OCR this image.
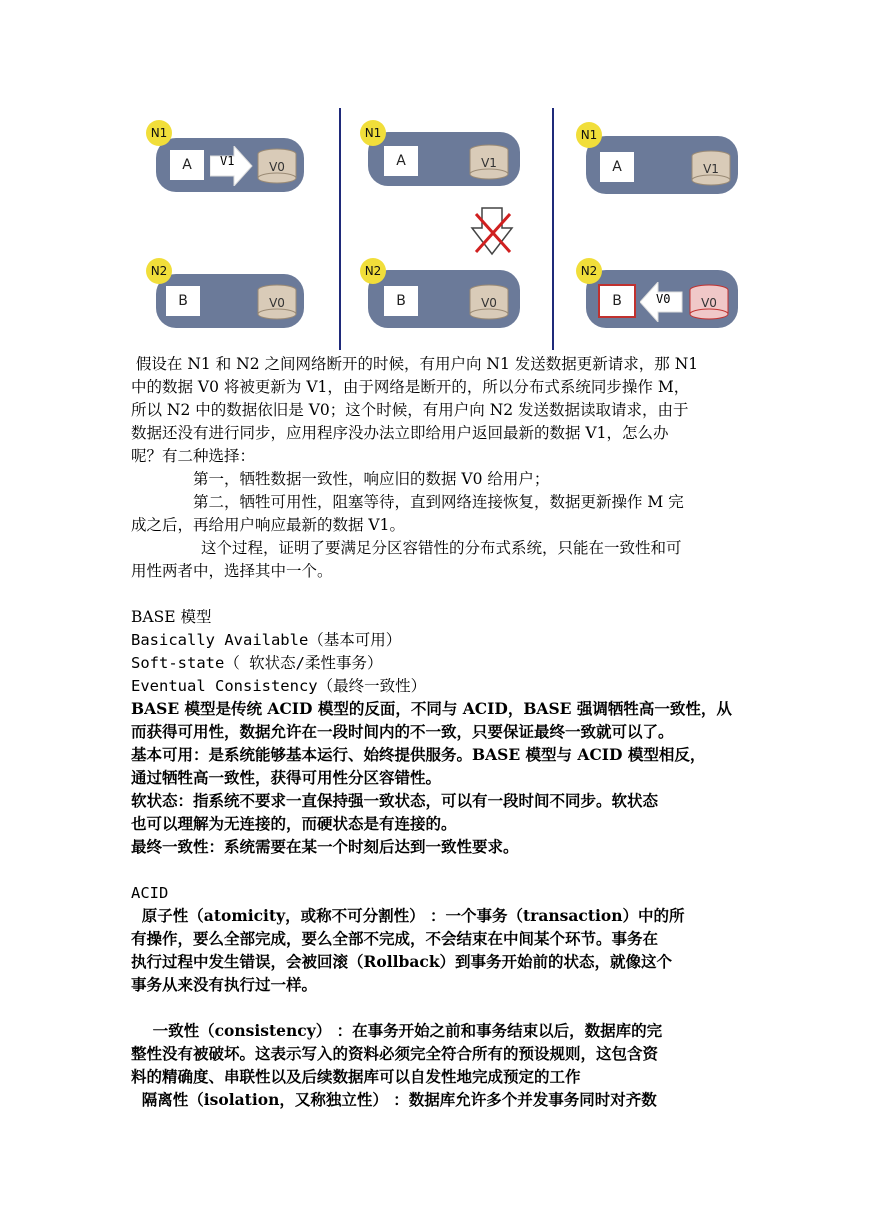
N1
A	V1	V0
N2
B	V0
N1
A	V1
N2
B	V0
N1
A	V1
N2
B	V0	V0
假设在 N1 和 N2 之间网络断开的时候，有用户向 N1 发送数据更新请求，那 N1
中的数据 V0 将被更新为 V1，由于网络是断开的，所以分布式系统同步操作 M，
所以 N2 中的数据依旧是 V0；这个时候，有用户向 N2 发送数据读取请求，由于
数据还没有进行同步，应用程序没办法立即给用户返回最新的数据 V1，怎么办
呢？有二种选择：
第一，牺牲数据一致性，响应旧的数据 V0 给用户；
第二，牺牲可用性，阻塞等待，直到网络连接恢复，数据更新操作 M 完
成之后，再给用户响应最新的数据 V1。
这个过程，证明了要满足分区容错性的分布式系统，只能在一致性和可
用性两者中，选择其中一个。
BASE 模型
Basically Available（基本可用）
Soft-state（ 软状态/柔性事务）
Eventual Consistency（最终一致性）
BASE 模型是传统 ACID 模型的反面，不同与 ACID，BASE 强调牺牲高一致性，从
而获得可用性，数据允许在一段时间内的不一致，只要保证最终一致就可以了。
基本可用：是系统能够基本运行、始终提供服务。BASE 模型与 ACID 模型相反，
通过牺牲高一致性，获得可用性分区容错性。
软状态：指系统不要求一直保持强一致状态，可以有一段时间不同步。软状态
也可以理解为无连接的，而硬状态是有连接的。
最终一致性：系统需要在某一个时刻后达到一致性要求。
ACID
原子性（atomicity，或称不可分割性） ：一个事务（transaction）中的所
有操作，要么全部完成，要么全部不完成，不会结束在中间某个环节。事务在
执行过程中发生错误，会被回滚（Rollback）到事务开始前的状态，就像这个
事务从来没有执行过一样。
一致性（consistency） ：在事务开始之前和事务结束以后，数据库的完
整性没有被破坏。这表示写入的资料必须完全符合所有的预设规则，这包含资
料的精确度、串联性以及后续数据库可以自发性地完成预定的工作
隔离性（isolation，又称独立性） ：数据库允许多个并发事务同时对齐数
